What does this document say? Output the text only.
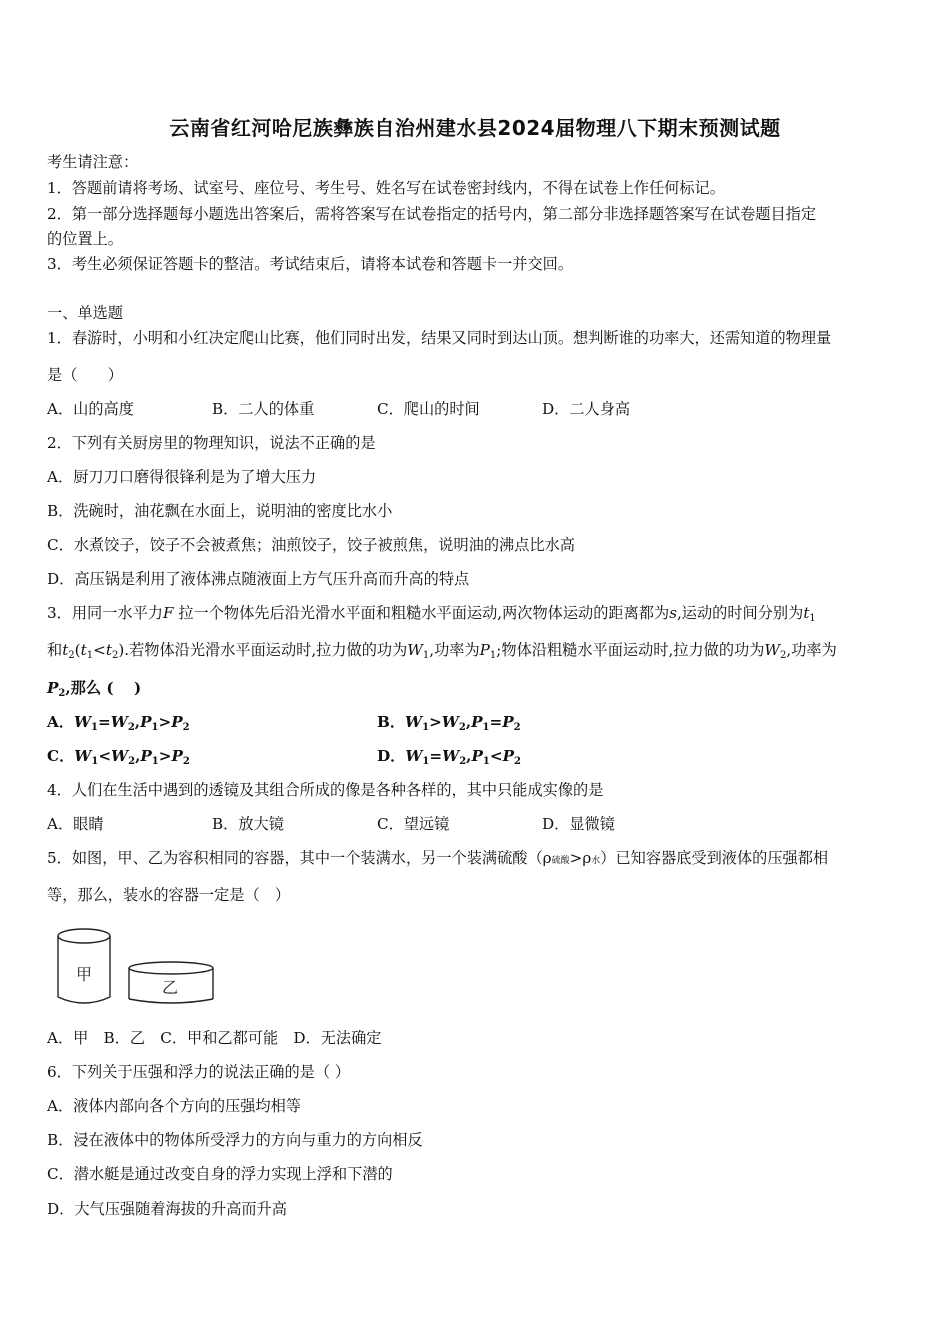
云南省红河哈尼族彝族自治州建水县2024届物理八下期末预测试题
考生请注意：
1．答题前请将考场、试室号、座位号、考生号、姓名写在试卷密封线内，不得在试卷上作任何标记。
2．第一部分选择题每小题选出答案后，需将答案写在试卷指定的括号内，第二部分非选择题答案写在试卷题目指定
的位置上。
3．考生必须保证答题卡的整洁。考试结束后，请将本试卷和答题卡一并交回。
一、单选题
1．春游时，小明和小红决定爬山比赛，他们同时出发，结果又同时到达山顶。想判断谁的功率大，还需知道的物理量
是（　　）
A．山的高度	B．二人的体重	C．爬山的时间	D．二人身高
2．下列有关厨房里的物理知识，说法不正确的是
A．厨刀刀口磨得很锋利是为了增大压力
B．洗碗时，油花飘在水面上，说明油的密度比水小
C．水煮饺子，饺子不会被煮焦；油煎饺子，饺子被煎焦，说明油的沸点比水高
D．高压锅是利用了液体沸点随液面上方气压升高而升高的特点
3．用同一水平力F 拉一个物体先后沿光滑水平面和粗糙水平面运动,两次物体运动的距离都为s,运动的时间分别为$t_1$
和$t_2(t_1<t_2)$.若物体沿光滑水平面运动时,拉力做的功为$W_1$,功率为$P_1$;物体沿粗糙水平面运动时,拉力做的功为$W_2$,功率为
$P_2$,那么 (　 )
A．$W_1=W_2,P_1>P_2$	B．$W_1>W_2,P_1=P_2$
C．$W_1<W_2,P_1>P_2$	D．$W_1=W_2,P_1<P_2$
4．人们在生活中遇到的透镜及其组合所成的像是各种各样的，其中只能成实像的是
A．眼睛	B．放大镜	C．望远镜	D．显微镜
5．如图，甲、乙为容积相同的容器，其中一个装满水，另一个装满硫酸（ρ硫酸>ρ水）已知容器底受到液体的压强都相
等，那么，装水的容器一定是（　）
甲
乙
A．甲　B．乙　C．甲和乙都可能　D．无法确定
6．下列关于压强和浮力的说法正确的是（ ）
A．液体内部向各个方向的压强均相等
B．浸在液体中的物体所受浮力的方向与重力的方向相反
C．潜水艇是通过改变自身的浮力实现上浮和下潜的
D．大气压强随着海拔的升高而升高
